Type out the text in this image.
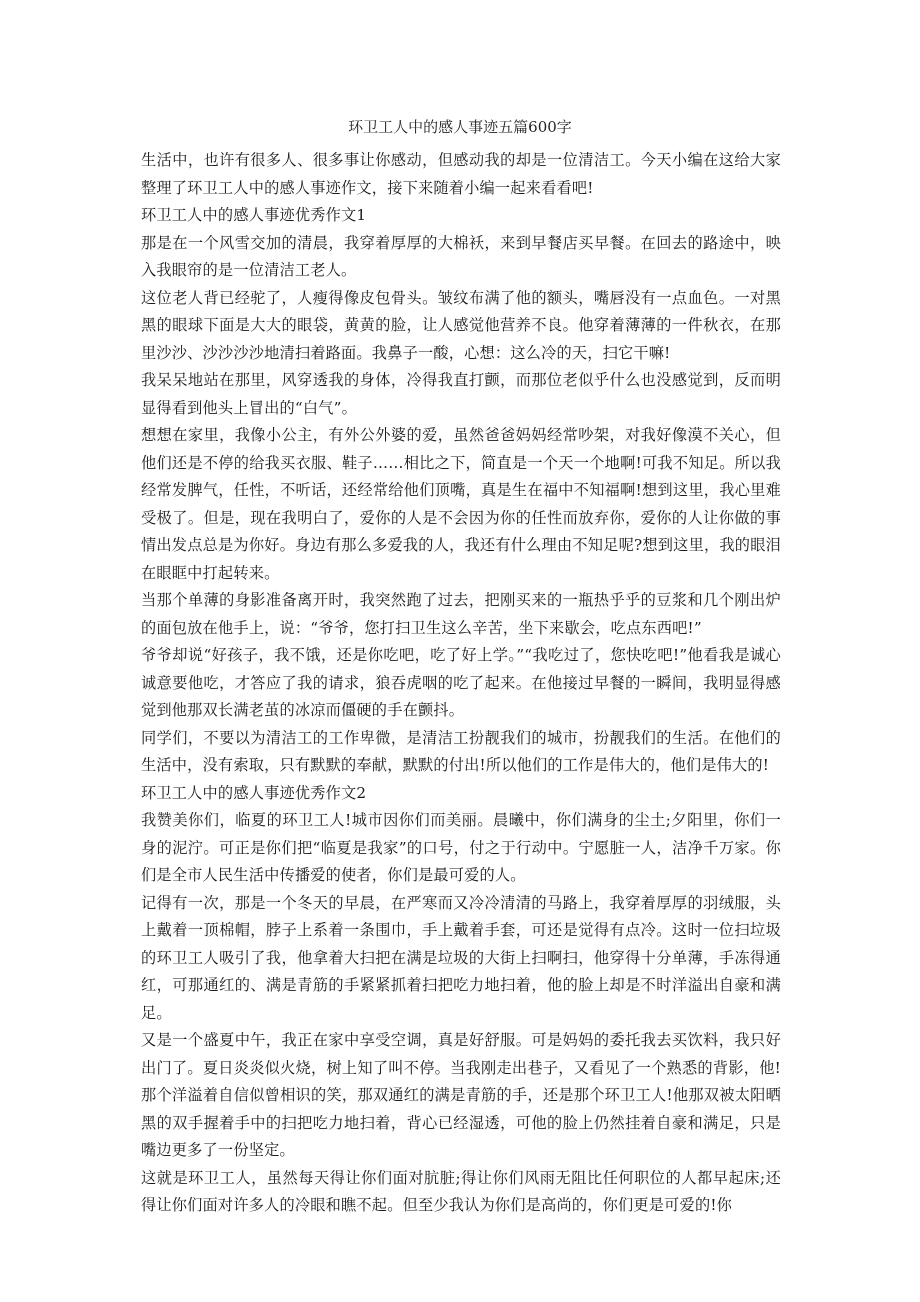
环卫工人中的感人事迹五篇600字

生活中，也许有很多人、很多事让你感动，但感动我的却是一位清洁工。今天小编在这给大家整理了环卫工人中的感人事迹作文，接下来随着小编一起来看看吧!

环卫工人中的感人事迹优秀作文1

那是在一个风雪交加的清晨，我穿着厚厚的大棉袄，来到早餐店买早餐。在回去的路途中，映入我眼帘的是一位清洁工老人。

这位老人背已经驼了，人瘦得像皮包骨头。皱纹布满了他的额头，嘴唇没有一点血色。一对黑黑的眼球下面是大大的眼袋，黄黄的脸，让人感觉他营养不良。他穿着薄薄的一件秋衣，在那里沙沙、沙沙沙沙地清扫着路面。我鼻子一酸，心想：这么冷的天，扫它干嘛!

我呆呆地站在那里，风穿透我的身体，冷得我直打颤，而那位老似乎什么也没感觉到，反而明显得看到他头上冒出的“白气”。

想想在家里，我像小公主，有外公外婆的爱，虽然爸爸妈妈经常吵架，对我好像漠不关心，但他们还是不停的给我买衣服、鞋子……相比之下，简直是一个天一个地啊!可我不知足。所以我经常发脾气，任性，不听话，还经常给他们顶嘴，真是生在福中不知福啊!想到这里，我心里难受极了。但是，现在我明白了，爱你的人是不会因为你的任性而放弃你，爱你的人让你做的事情出发点总是为你好。身边有那么多爱我的人，我还有什么理由不知足呢?想到这里，我的眼泪在眼眶中打起转来。

当那个单薄的身影准备离开时，我突然跑了过去，把刚买来的一瓶热乎乎的豆浆和几个刚出炉的面包放在他手上，说：“爷爷，您打扫卫生这么辛苦，坐下来歇会，吃点东西吧!”

爷爷却说“好孩子，我不饿，还是你吃吧，吃了好上学。”“我吃过了，您快吃吧!”他看我是诚心诚意要他吃，才答应了我的请求，狼吞虎咽的吃了起来。在他接过早餐的一瞬间，我明显得感觉到他那双长满老茧的冰凉而僵硬的手在颤抖。

同学们，不要以为清洁工的工作卑微，是清洁工扮靓我们的城市，扮靓我们的生活。在他们的生活中，没有索取，只有默默的奉献，默默的付出!所以他们的工作是伟大的，他们是伟大的!

环卫工人中的感人事迹优秀作文2

我赞美你们，临夏的环卫工人!城市因你们而美丽。晨曦中，你们满身的尘土;夕阳里，你们一身的泥泞。可正是你们把“临夏是我家”的口号，付之于行动中。宁愿脏一人，洁净千万家。你们是全市人民生活中传播爱的使者，你们是最可爱的人。

记得有一次，那是一个冬天的早晨，在严寒而又冷冷清清的马路上，我穿着厚厚的羽绒服，头上戴着一顶棉帽，脖子上系着一条围巾，手上戴着手套，可还是觉得有点冷。这时一位扫垃圾的环卫工人吸引了我，他拿着大扫把在满是垃圾的大街上扫啊扫，他穿得十分单薄，手冻得通红，可那通红的、满是青筋的手紧紧抓着扫把吃力地扫着，他的脸上却是不时洋溢出自豪和满足。

又是一个盛夏中午，我正在家中享受空调，真是好舒服。可是妈妈的委托我去买饮料，我只好出门了。夏日炎炎似火烧，树上知了叫不停。当我刚走出巷子，又看见了一个熟悉的背影，他!那个洋溢着自信似曾相识的笑，那双通红的满是青筋的手，还是那个环卫工人!他那双被太阳晒黑的双手握着手中的扫把吃力地扫着，背心已经湿透，可他的脸上仍然挂着自豪和满足，只是嘴边更多了一份坚定。

这就是环卫工人，虽然每天得让你们面对肮脏;得让你们风雨无阻比任何职位的人都早起床;还得让你们面对许多人的冷眼和瞧不起。但至少我认为你们是高尚的，你们更是可爱的!你
